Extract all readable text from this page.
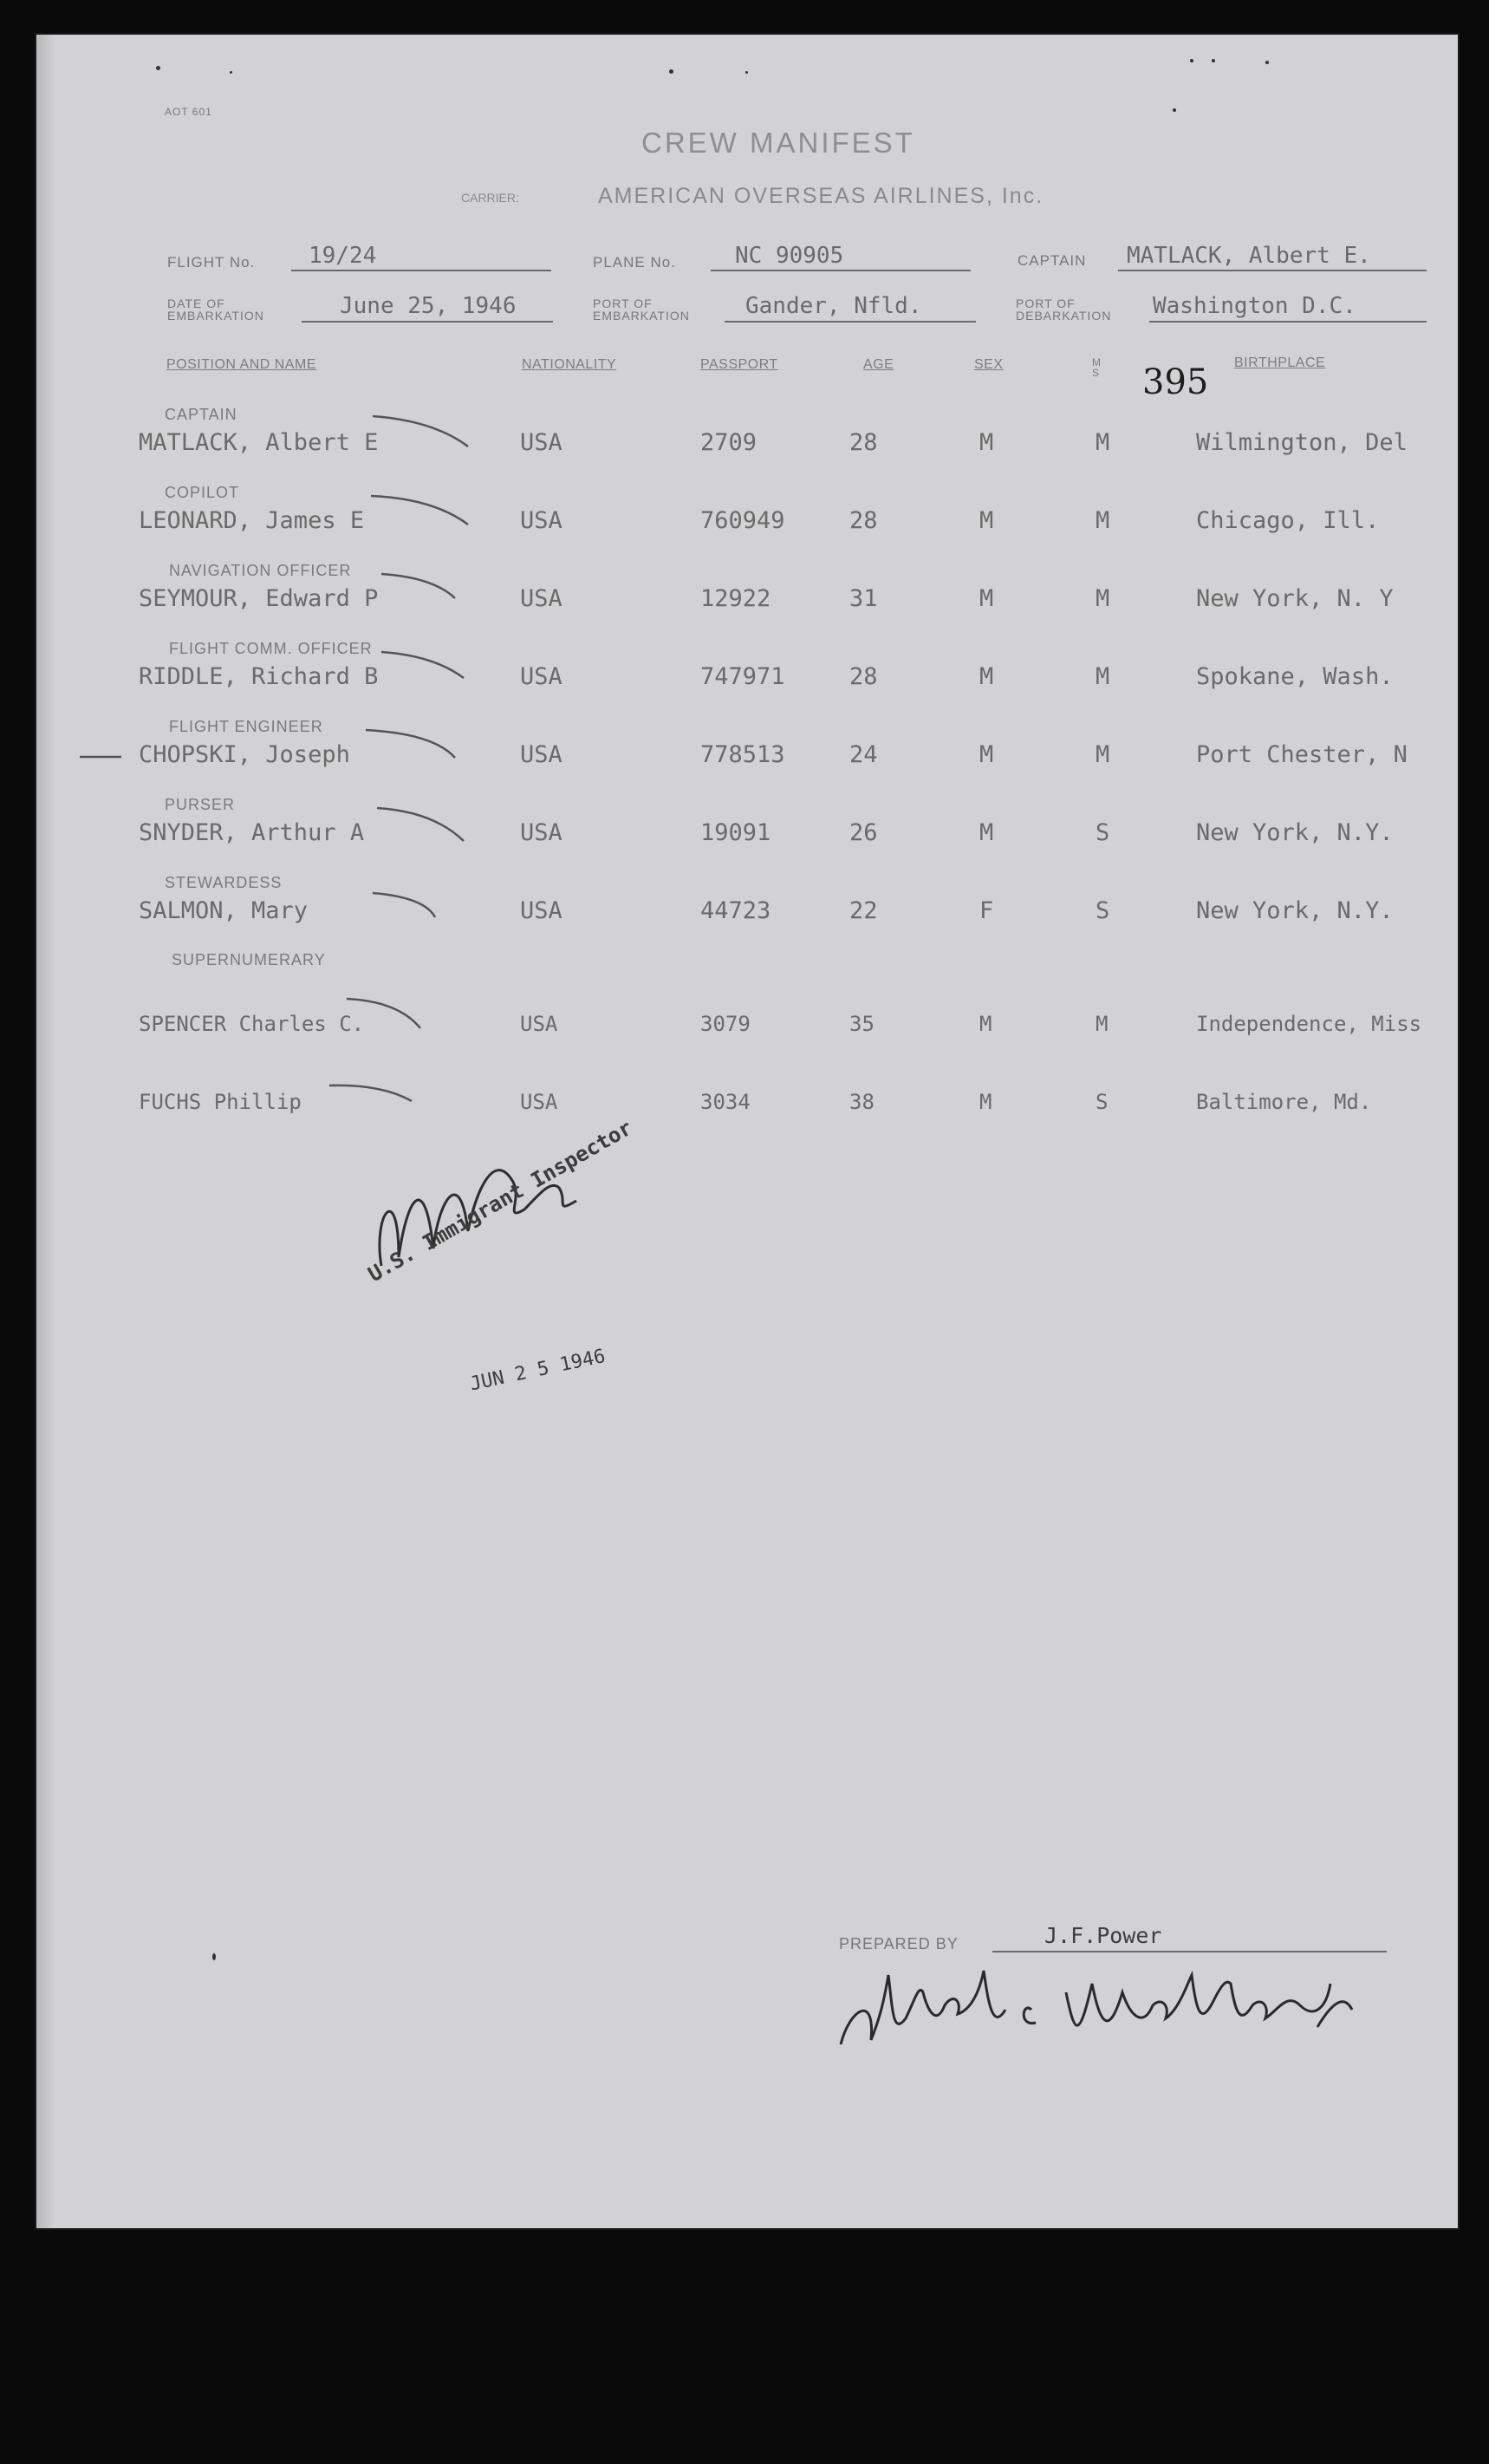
AOT 601
CREW MANIFEST
CARRIER:	AMERICAN OVERSEAS AIRLINES, Inc.
FLIGHT No. 19/24	PLANE No.	NC 90905	CAPTAIN MATLACK, Albert E.
DATE OF EMBARKATION	June 25, 1946	PORT OF EMBARKATION	Gander, Nfld.	PORT OF DEBARKATION	Washington D.C.
POSITION AND NAME	NATIONALITY	PASSPORT	AGE	SEX	M S
BIRTHPLACE
395
CAPTAIN
MATLACK, Albert E	USA	2709	28	M	M	Wilmington, Del
COPILOT
LEONARD, James E	USA	760949	28	M	M	Chicago, Ill.
NAVIGATION OFFICER
SEYMOUR, Edward P	USA	12922	31	M	M	New York, N. Y
FLIGHT COMM. OFFICER
RIDDLE, Richard B	USA	747971	28	M	M	Spokane, Wash.
FLIGHT ENGINEER
CHOPSKI, Joseph	USA	778513	24	M	M	Port Chester, N
PURSER
SNYDER, Arthur A	USA	19091	26	M	S	New York, N.Y.
STEWARDESS
SALMON, Mary	USA	44723	22	F	S	New York, N.Y.
SUPERNUMERARY
SPENCER Charles C.	USA	3079	35	M	M	Independence, Miss
FUCHS Phillip	USA	3034	38	M	S	Baltimore, Md.
U.S. Immigrant Inspector
JUN 2 5 1946
PREPARED BY	J.F.Power
